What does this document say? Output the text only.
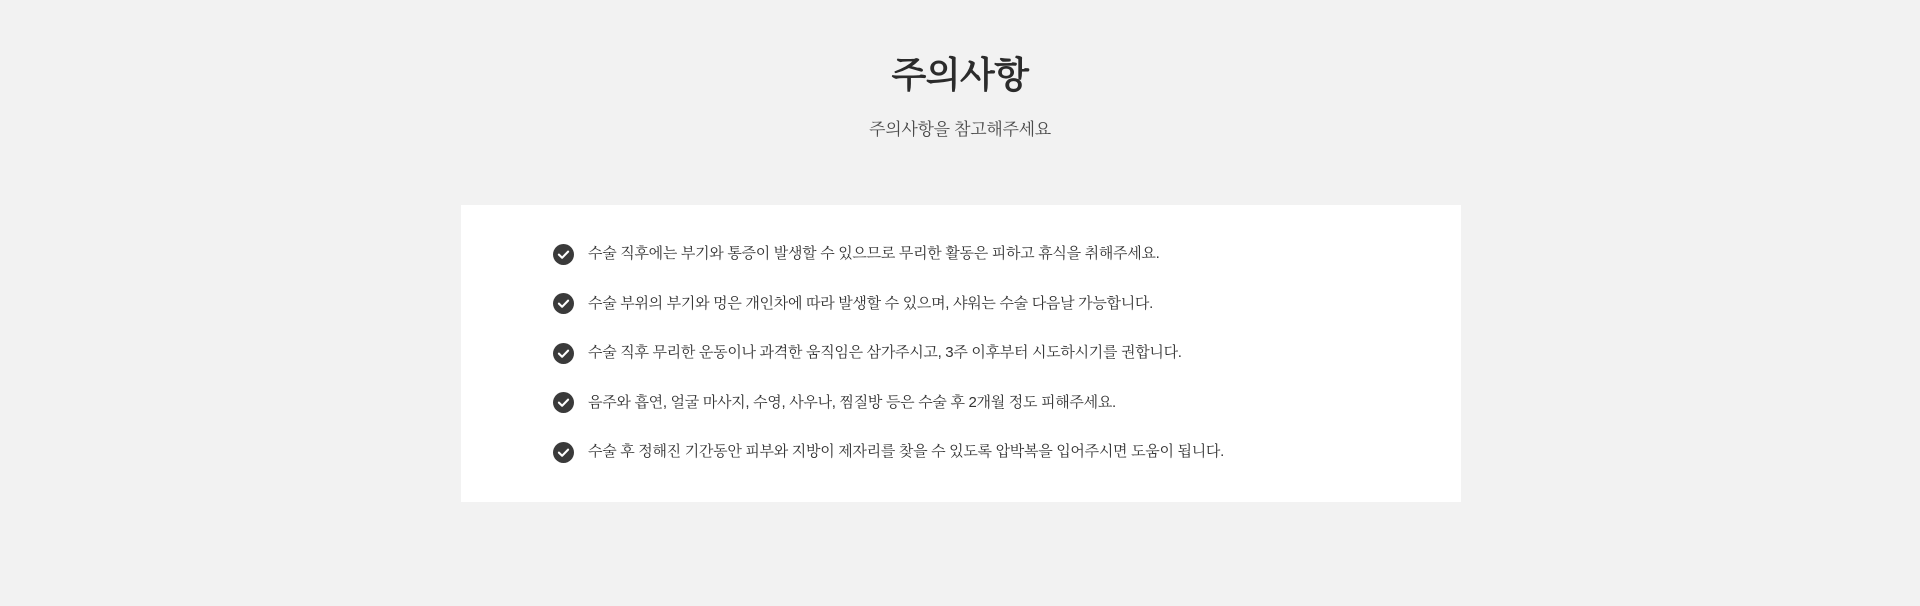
주의사항

주의사항을 참고해주세요

수술 직후에는 부기와 통증이 발생할 수 있으므로 무리한 활동은 피하고 휴식을 취해주세요.
수술 부위의 부기와 멍은 개인차에 따라 발생할 수 있으며, 샤워는 수술 다음날 가능합니다.
수술 직후 무리한 운동이나 과격한 움직임은 삼가주시고, 3주 이후부터 시도하시기를 권합니다.
음주와 흡연, 얼굴 마사지, 수영, 사우나, 찜질방 등은 수술 후 2개월 정도 피해주세요.
수술 후 정해진 기간동안 피부와 지방이 제자리를 찾을 수 있도록 압박복을 입어주시면 도움이 됩니다.
